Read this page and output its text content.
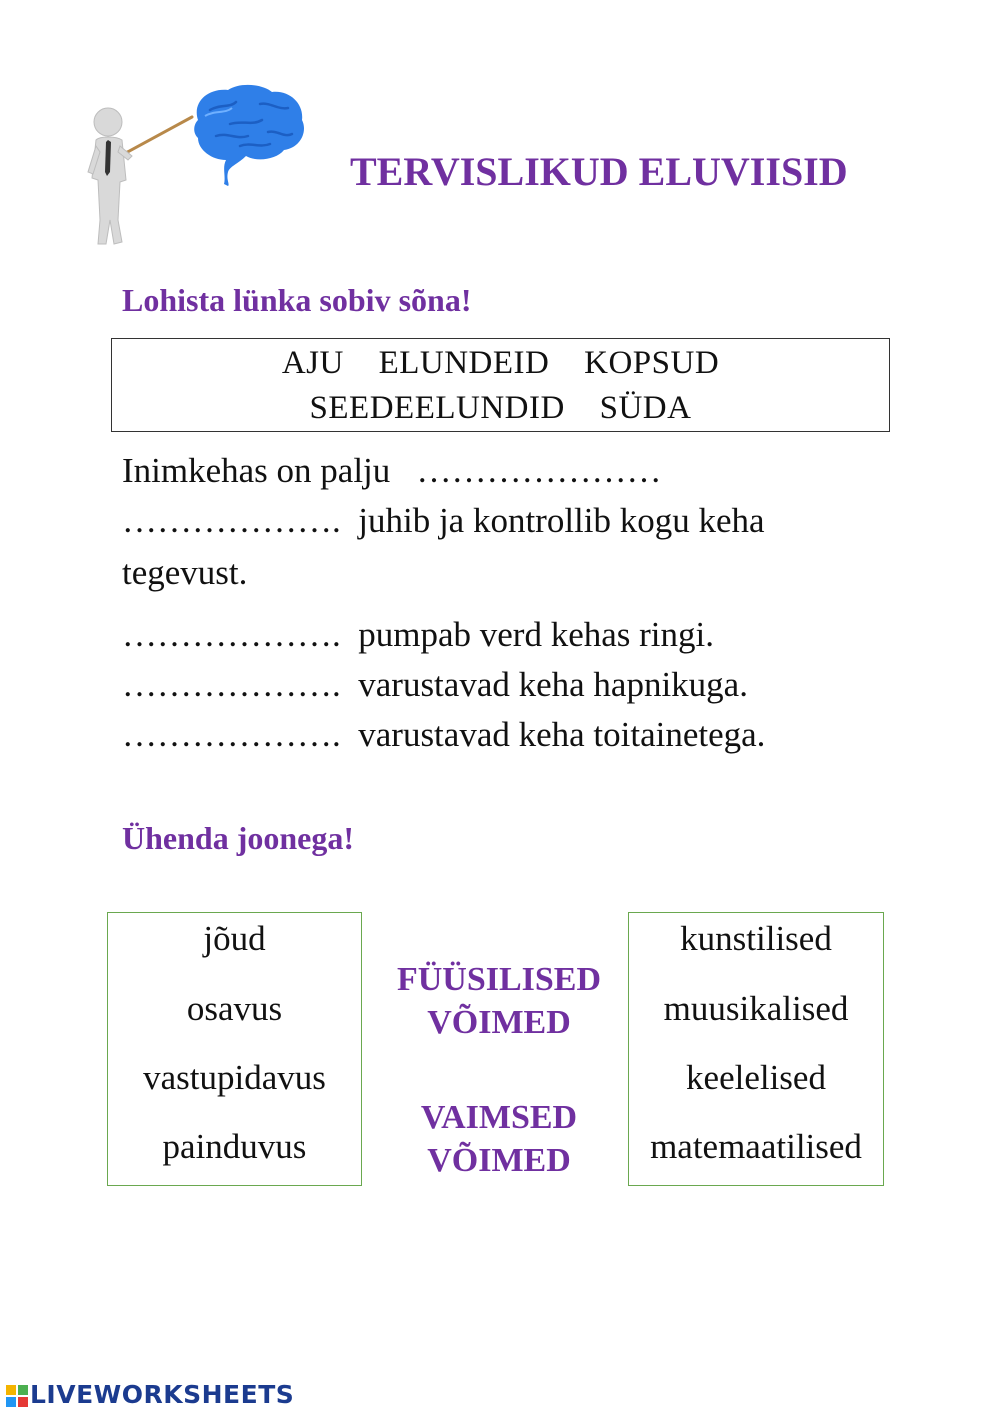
TERVISLIKUD ELUVIISID
Lohista lünka sobiv sõna!
AJU ELUNDEID KOPSUD
SEEDEELUNDID SÜDA
Inimkehas on palju …………………
………………. juhib ja kontrollib kogu keha
tegevust.
………………. pumpab verd kehas ringi.
………………. varustavad keha hapnikuga.
………………. varustavad keha toitainetega.
Ühenda joonega!
jõud
osavus
vastupidavus
painduvus
FÜÜSILISED
VÕIMED
VAIMSED
VÕIMED
kunstilised
muusikalised
keelelised
matemaatilised
LIVEWORKSHEETS
